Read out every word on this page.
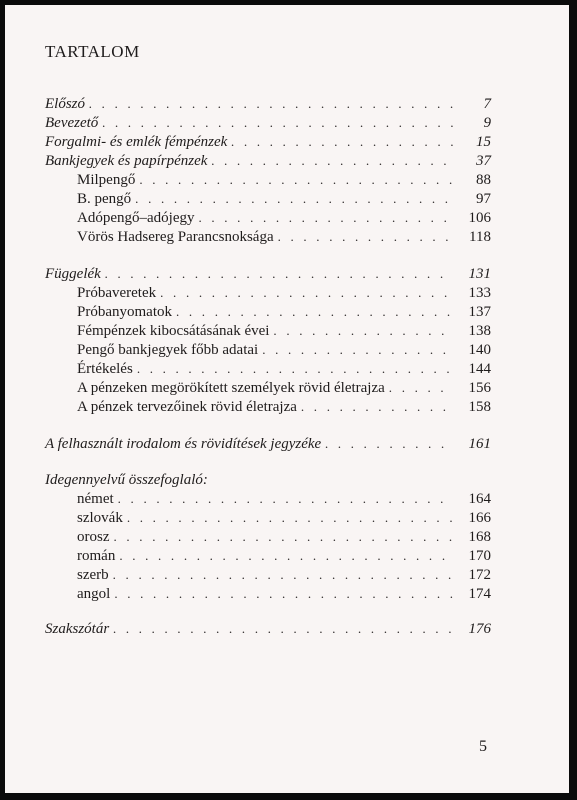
TARTALOM
Előszó . . .	7
Bevezető . . .	9
Forgalmi- és emlék fémpénzek . . .	15
Bankjegyek és papírpénzek . . .	37
Milpengő . . .	88
B. pengő . . .	97
Adópengő–adójegy . . .	106
Vörös Hadsereg Parancsnoksága . . .	118
Függelék . . .	131
Próbaveretek . . .	133
Próbanyomatok . . .	137
Fémpénzek kibocsátásának évei . . .	138
Pengő bankjegyek főbb adatai . . .	140
Értékelés . . .	144
A pénzeken megörökített személyek rövid életrajza . . .	156
A pénzek tervezőinek rövid életrajza . . .	158
A felhasznált irodalom és rövidítések jegyzéke . . .	161
Idegennyelvű összefoglaló:
német . . .	164
szlovák . . .	166
orosz . . .	168
román . . .	170
szerb . . .	172
angol . . .	174
Szakszótár . . .	176
5
